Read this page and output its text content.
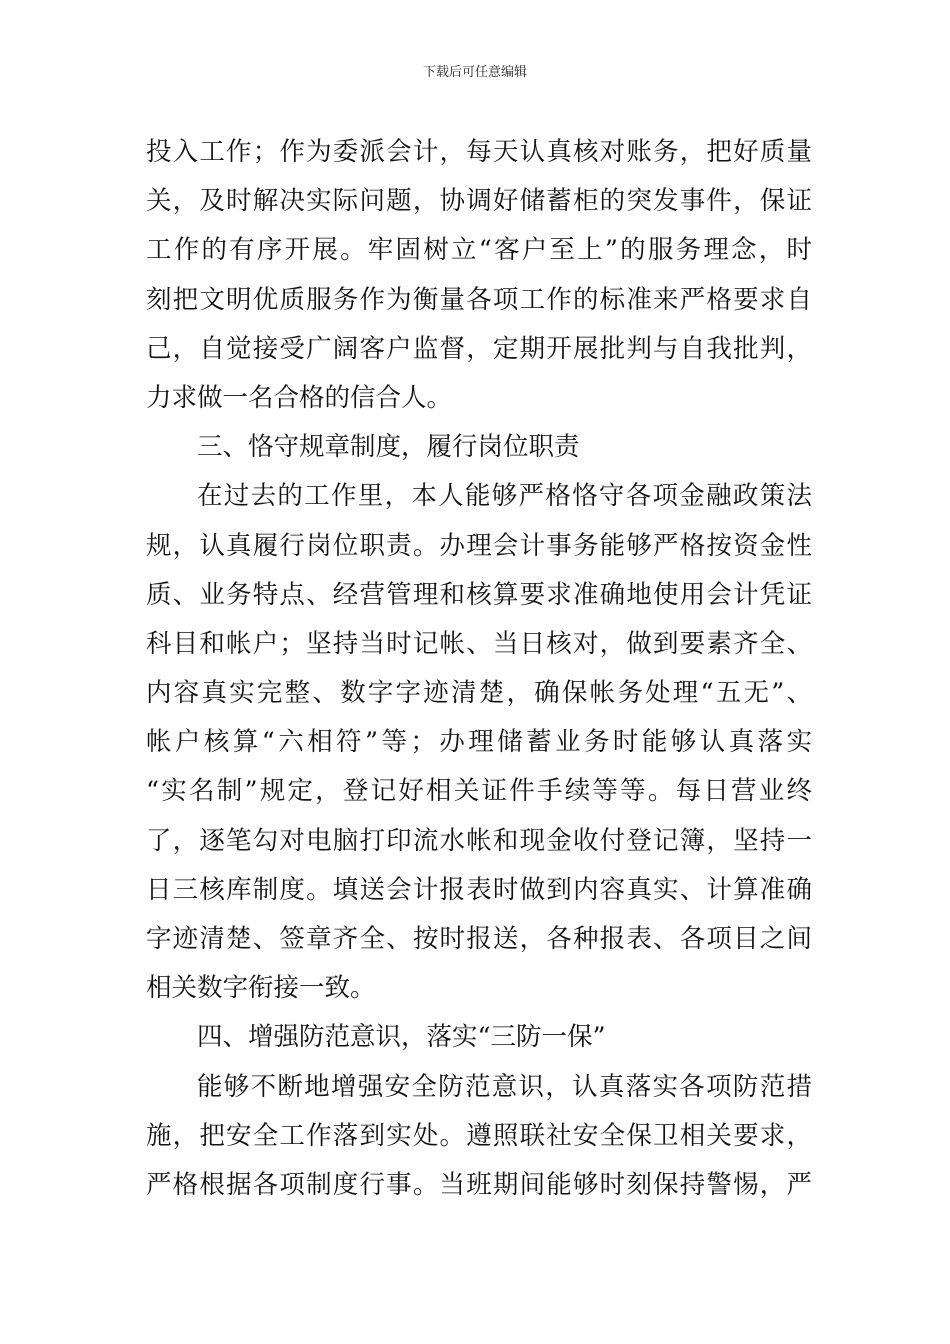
下载后可任意编辑
投入工作；作为委派会计，每天认真核对账务，把好质量
关，及时解决实际问题，协调好储蓄柜的突发事件，保证
工作的有序开展。牢固树立“客户至上”的服务理念，时
刻把文明优质服务作为衡量各项工作的标准来严格要求自
己，自觉接受广阔客户监督，定期开展批判与自我批判，
力求做一名合格的信合人。
三、恪守规章制度，履行岗位职责
在过去的工作里，本人能够严格恪守各项金融政策法
规，认真履行岗位职责。办理会计事务能够严格按资金性
质、业务特点、经营管理和核算要求准确地使用会计凭证
科目和帐户；坚持当时记帐、当日核对，做到要素齐全、
内容真实完整、数字字迹清楚，确保帐务处理“五无”、
帐户核算“六相符”等；办理储蓄业务时能够认真落实
“实名制”规定，登记好相关证件手续等等。每日营业终
了，逐笔勾对电脑打印流水帐和现金收付登记簿，坚持一
日三核库制度。填送会计报表时做到内容真实、计算准确
字迹清楚、签章齐全、按时报送，各种报表、各项目之间
相关数字衔接一致。
四、增强防范意识，落实“三防一保”
能够不断地增强安全防范意识，认真落实各项防范措
施，把安全工作落到实处。遵照联社安全保卫相关要求，
严格根据各项制度行事。当班期间能够时刻保持警惕，严
